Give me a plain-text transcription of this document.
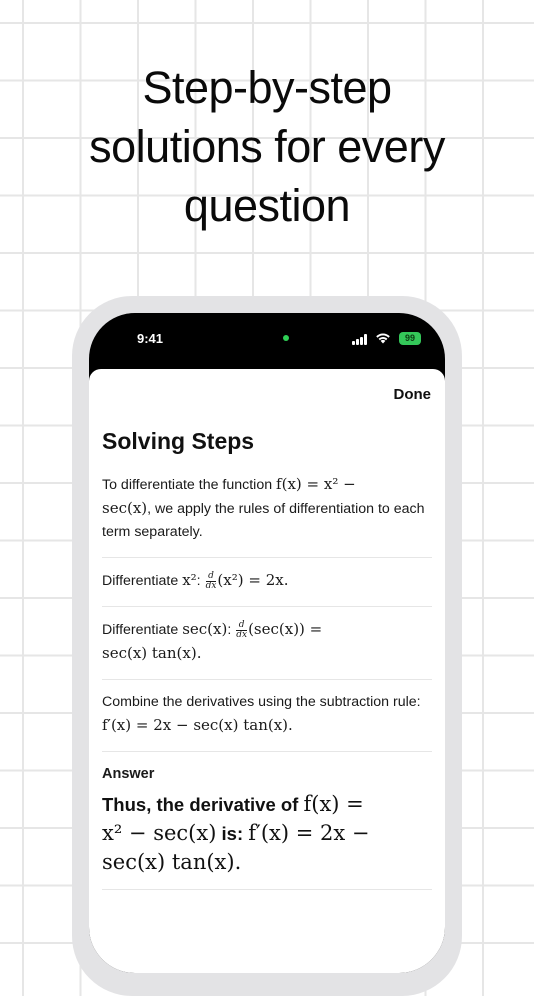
Step-by-step
solutions for every
question
9:41	99
Done
Solving Steps

To differentiate the function f(x) = x² −
sec(x), we apply the rules of differentiation to each term separately.

Differentiate x²: $\frac{d}{dx} (x^2) = 2x$.

Differentiate sec(x): $\frac{d}{dx} (\sec(x))$ =
sec(x) tan(x).

Combine the derivatives using the subtraction rule: f′(x) = 2x − sec(x) tan(x).

Answer

Thus, the derivative of f(x) =
x² − sec(x) is: f′(x) = 2x −
sec(x) tan(x).
